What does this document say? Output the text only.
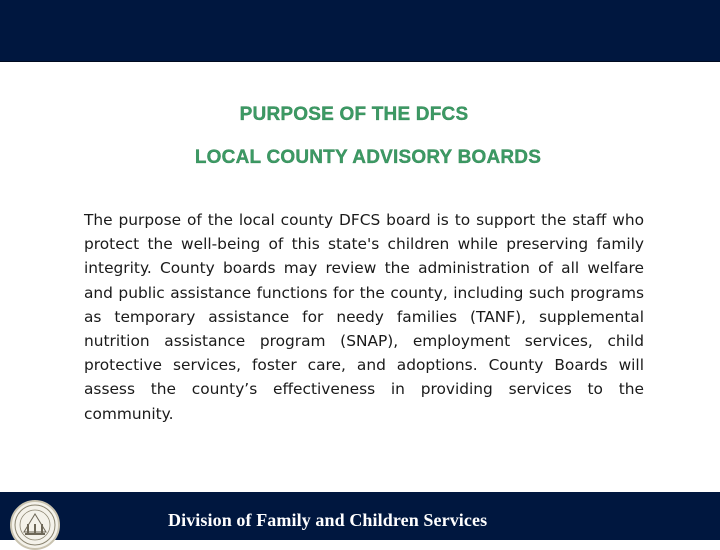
PURPOSE OF THE DFCS
LOCAL COUNTY ADVISORY BOARDS

The purpose of the local county DFCS board is to support the staff who protect the well-being of this state's children while preserving family integrity. County boards may review the administration of all welfare and public assistance functions for the county, including such programs as temporary assistance for needy families (TANF), supplemental nutrition assistance program (SNAP), employment services, child protective services, foster care, and adoptions. County Boards will assess the county’s effectiveness in providing services to the community.

Division of Family and Children Services
